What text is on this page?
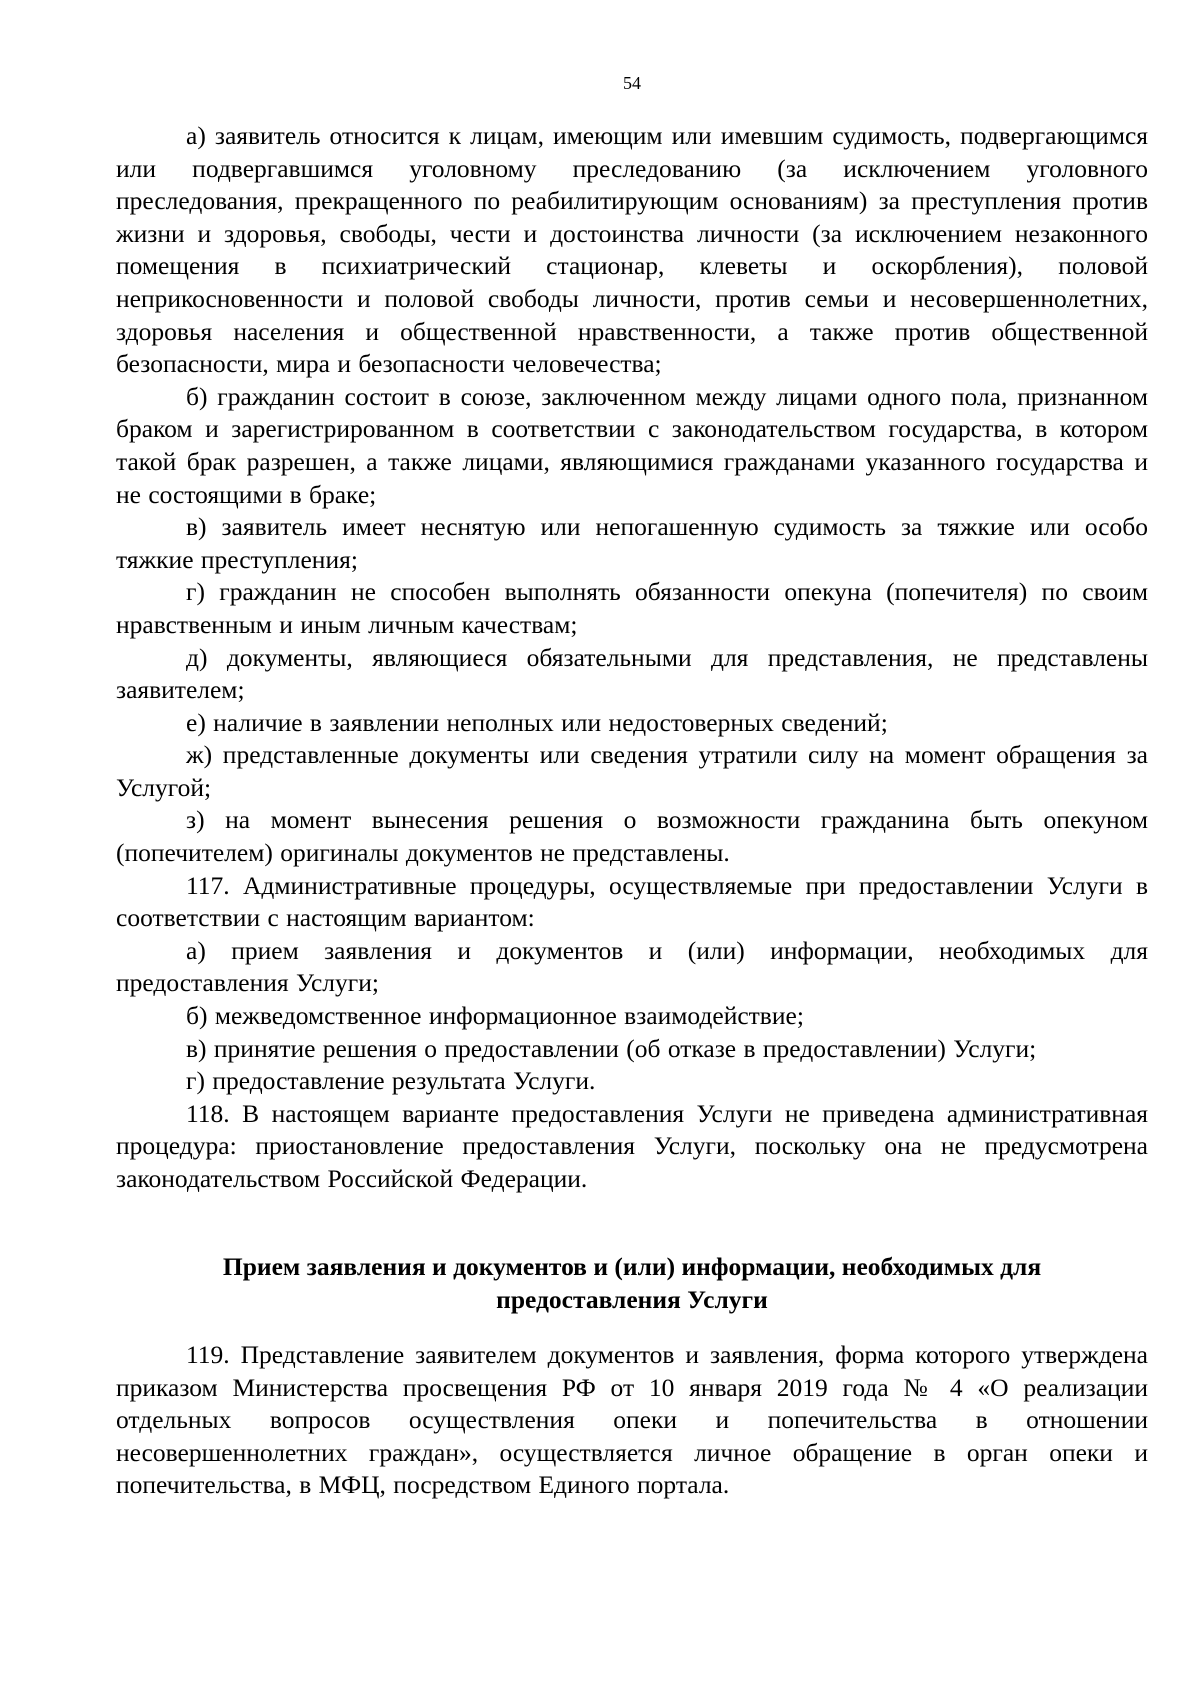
54

а) заявитель относится к лицам, имеющим или имевшим судимость, подвергающимся или подвергавшимся уголовному преследованию (за исключением уголовного преследования, прекращенного по реабилитирующим основаниям) за преступления против жизни и здоровья, свободы, чести и достоинства личности (за исключением незаконного помещения в психиатрический стационар, клеветы и оскорбления), половой неприкосновенности и половой свободы личности, против семьи и несовершеннолетних, здоровья населения и общественной нравственности, а также против общественной безопасности, мира и безопасности человечества;

б) гражданин состоит в союзе, заключенном между лицами одного пола, признанном браком и зарегистрированном в соответствии с законодательством государства, в котором такой брак разрешен, а также лицами, являющимися гражданами указанного государства и не состоящими в браке;

в) заявитель имеет неснятую или непогашенную судимость за тяжкие или особо тяжкие преступления;

г) гражданин не способен выполнять обязанности опекуна (попечителя) по своим нравственным и иным личным качествам;

д) документы, являющиеся обязательными для представления, не представлены заявителем;

е) наличие в заявлении неполных или недостоверных сведений;

ж) представленные документы или сведения утратили силу на момент обращения за Услугой;

з) на момент вынесения решения о возможности гражданина быть опекуном (попечителем) оригиналы документов не представлены.

117. Административные процедуры, осуществляемые при предоставлении Услуги в соответствии с настоящим вариантом:

а) прием заявления и документов и (или) информации, необходимых для предоставления Услуги;

б) межведомственное информационное взаимодействие;

в) принятие решения о предоставлении (об отказе в предоставлении) Услуги;

г) предоставление результата Услуги.

118. В настоящем варианте предоставления Услуги не приведена административная процедура: приостановление предоставления Услуги, поскольку она не предусмотрена законодательством Российской Федерации.

Прием заявления и документов и (или) информации, необходимых для
предоставления Услуги

119. Представление заявителем документов и заявления, форма которого утверждена приказом Министерства просвещения РФ от 10 января 2019 года № 4 «О реализации отдельных вопросов осуществления опеки и попечительства в отношении несовершеннолетних граждан», осуществляется личное обращение в орган опеки и попечительства, в МФЦ, посредством Единого портала.
